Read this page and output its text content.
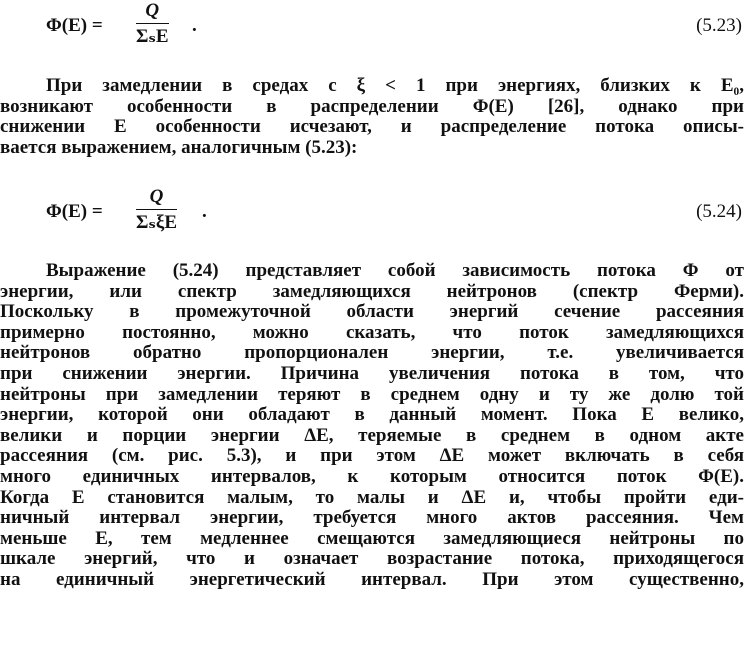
Φ(E) =
Q
ΣₛE
.	(5.23)
При замедлении в средах с ξ < 1 при энергиях, близких к E₀,
возникают особенности в распределении Φ(E) [26], однако при
снижении E особенности исчезают, и распределение потока описы-
вается выражением, аналогичным (5.23):
Φ(E) =
Q
ΣₛξE
.	(5.24)
Выражение (5.24) представляет собой зависимость потока Φ от
энергии, или спектр замедляющихся нейтронов (спектр Ферми).
Поскольку в промежуточной области энергий сечение рассеяния
примерно постоянно, можно сказать, что поток замедляющихся
нейтронов обратно пропорционален энергии, т.е. увеличивается
при снижении энергии. Причина увеличения потока в том, что
нейтроны при замедлении теряют в среднем одну и ту же долю той
энергии, которой они обладают в данный момент. Пока E велико,
велики и порции энергии ΔE, теряемые в среднем в одном акте
рассеяния (см. рис. 5.3), и при этом ΔE может включать в себя
много единичных интервалов, к которым относится поток Φ(E).
Когда E становится малым, то малы и ΔE и, чтобы пройти еди-
ничный интервал энергии, требуется много актов рассеяния. Чем
меньше E, тем медленнее смещаются замедляющиеся нейтроны по
шкале энергий, что и означает возрастание потока, приходящегося
на единичный энергетический интервал. При этом существенно,
